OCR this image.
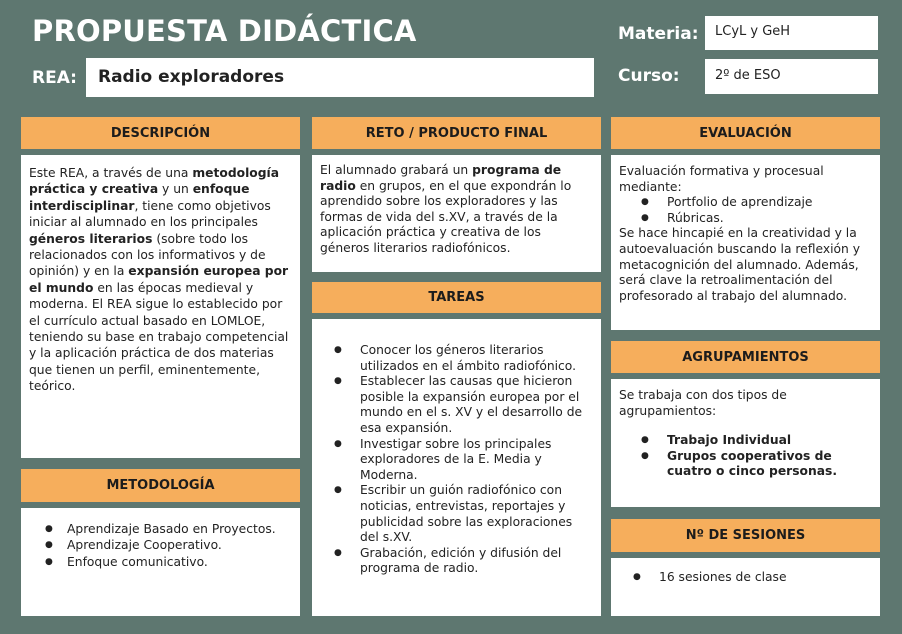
PROPUESTA DIDÁCTICA
REA:	Radio exploradores
Materia:	LCyL y GeH
Curso:	2º de ESO
DESCRIPCIÓN
Este REA, a través de una metodología práctica y creativa y un enfoque interdisciplinar, tiene como objetivos iniciar al alumnado en los principales géneros literarios (sobre todo los relacionados con los informativos y de opinión) y en la expansión europea por el mundo en las épocas medieval y moderna. El REA sigue lo establecido por el currículo actual basado en LOMLOE, teniendo su base en trabajo competencial y la aplicación práctica de dos materias que tienen un perfil, eminentemente, teórico.
METODOLOGÍA
● Aprendizaje Basado en Proyectos.
● Aprendizaje Cooperativo.
● Enfoque comunicativo.
RETO / PRODUCTO FINAL
El alumnado grabará un programa de radio en grupos, en el que expondrán lo aprendido sobre los exploradores y las formas de vida del s.XV, a través de la aplicación práctica y creativa de los géneros literarios radiofónicos.
TAREAS
● Conocer los géneros literarios utilizados en el ámbito radiofónico.
● Establecer las causas que hicieron posible la expansión europea por el mundo en el s. XV y el desarrollo de esa expansión.
● Investigar sobre los principales exploradores de la E. Media y Moderna.
● Escribir un guión radiofónico con noticias, entrevistas, reportajes y publicidad sobre las exploraciones del s.XV.
● Grabación, edición y difusión del programa de radio.
EVALUACIÓN
Evaluación formativa y procesual mediante:
● Portfolio de aprendizaje
● Rúbricas.
Se hace hincapié en la creatividad y la autoevaluación buscando la reflexión y metacognición del alumnado. Además, será clave la retroalimentación del profesorado al trabajo del alumnado.
AGRUPAMIENTOS
Se trabaja con dos tipos de agrupamientos:
● Trabajo Individual
● Grupos cooperativos de cuatro o cinco personas.
Nº DE SESIONES
● 16 sesiones de clase
